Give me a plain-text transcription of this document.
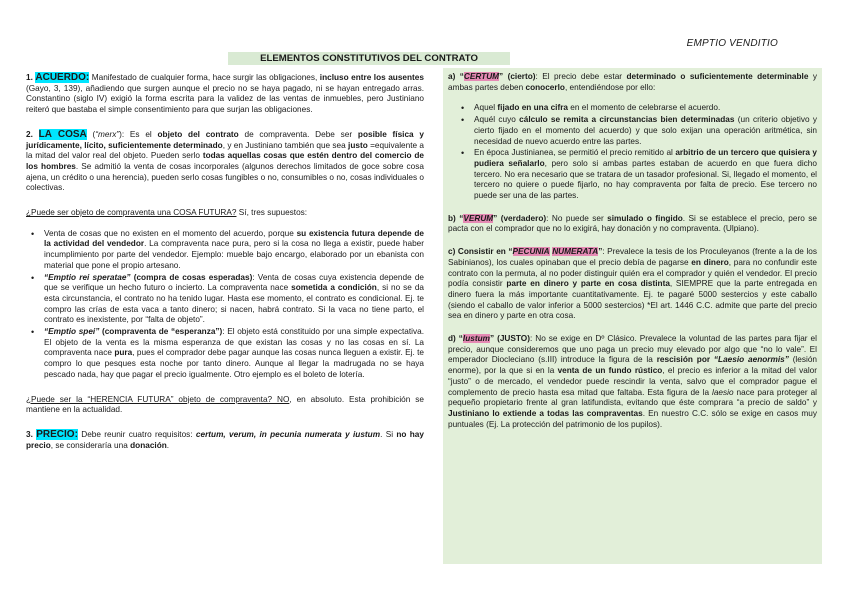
EMPTIO VENDITIO
ELEMENTOS CONSTITUTIVOS DEL CONTRATO

1. ACUERDO: Manifestado de cualquier forma, hace surgir las obligaciones, incluso entre los ausentes (Gayo, 3, 139), añadiendo que surgen aunque el precio no se haya pagado, ni se hayan entregado arras. Constantino (siglo IV) exigió la forma escrita para la validez de las ventas de inmuebles, pero Justiniano reiteró que bastaba el simple consentimiento para que surjan las obligaciones.

2. LA COSA (“merx”): Es el objeto del contrato de compraventa. Debe ser posible física y jurídicamente, lícito, suficientemente determinado, y en Justiniano también que sea justo =equivalente a la mitad del valor real del objeto. Pueden serlo todas aquellas cosas que estén dentro del comercio de los hombres. Se admitió la venta de cosas incorporales (algunos derechos limitados de goce sobre cosa ajena, un crédito o una herencia), pueden serlo cosas fungibles o no, consumibles o no, cosas individuales o colectivas.

¿Puede ser objeto de compraventa una COSA FUTURA? Sí, tres supuestos:

• Venta de cosas que no existen en el momento del acuerdo, porque su existencia futura depende de la actividad del vendedor. La compraventa nace pura, pero si la cosa no llega a existir, puede haber incumplimiento por parte del vendedor. Ejemplo: mueble bajo encargo, elaborado por un ebanista con material que pone el propio artesano.
• “Emptio rei speratae” (compra de cosas esperadas): Venta de cosas cuya existencia depende de que se verifique un hecho futuro o incierto. La compraventa nace sometida a condición, si no se da esta circunstancia, el contrato no ha tenido lugar. Hasta ese momento, el contrato es condicional. Ej. te compro las crías de esta vaca a tanto dinero; si nacen, habrá contrato. Si la vaca no tiene parto, el contrato es inexistente, por “falta de objeto”.
• “Emptio spei” (compraventa de “esperanza”): El objeto está constituido por una simple expectativa. El objeto de la venta es la misma esperanza de que existan las cosas y no las cosas en sí. La compraventa nace pura, pues el comprador debe pagar aunque las cosas nunca lleguen a existir. Ej. te compro lo que pesques esta noche por tanto dinero. Aunque al llegar la madrugada no se haya pescado nada, hay que pagar el precio igualmente. Otro ejemplo es el boleto de lotería.

¿Puede ser la “HERENCIA FUTURA” objeto de compraventa? NO, en absoluto. Esta prohibición se mantiene en la actualidad.

3. PRECIO: Debe reunir cuatro requisitos: certum, verum, in pecunia numerata y iustum. Si no hay precio, se consideraría una donación.

a) “CERTUM” (cierto): El precio debe estar determinado o suficientemente determinable y ambas partes deben conocerlo, entendiéndose por ello:

• Aquel fijado en una cifra en el momento de celebrarse el acuerdo.
• Aquél cuyo cálculo se remita a circunstancias bien determinadas (un criterio objetivo y cierto fijado en el momento del acuerdo) y que solo exijan una operación aritmética, sin necesidad de nuevo acuerdo entre las partes.
• En época Justinianea, se permitió el precio remitido al arbitrio de un tercero que quisiera y pudiera señalarlo, pero solo si ambas partes estaban de acuerdo en que fuera dicho tercero. No era necesario que se tratara de un tasador profesional. Si, llegado el momento, el tercero no quiere o puede fijarlo, no hay compraventa por falta de precio. Ese tercero no puede ser una de las partes.

b) “VERUM” (verdadero): No puede ser simulado o fingido. Si se establece el precio, pero se pacta con el comprador que no lo exigirá, hay donación y no compraventa. (Ulpiano).

c) Consistir en “PECUNIA NUMERATA”: Prevalece la tesis de los Proculeyanos (frente a la de los Sabinianos), los cuales opinaban que el precio debía de pagarse en dinero, para no confundir este contrato con la permuta, al no poder distinguir quién era el comprador y quién el vendedor. El precio podía consistir parte en dinero y parte en cosa distinta, SIEMPRE que la parte entregada en dinero fuera la más importante cuantitativamente. Ej. te pagaré 5000 sestercios y este caballo (siendo el caballo de valor inferior a 5000 sestercios) *El art. 1446 C.C. admite que parte del precio sea en dinero y parte en otra cosa.

d) “Iustum” (JUSTO): No se exige en Dº Clásico. Prevalece la voluntad de las partes para fijar el precio, aunque consideremos que uno paga un precio muy elevado por algo que “no lo vale”. El emperador Diocleciano (s.III) introduce la figura de la rescisión por “Laesio aenormis” (lesión enorme), por la que si en la venta de un fundo rústico, el precio es inferior a la mitad del valor “justo” o de mercado, el vendedor puede rescindir la venta, salvo que el comprador pague el complemento de precio hasta esa mitad que faltaba. Esta figura de la laesio nace para proteger al pequeño propietario frente al gran latifundista, evitando que éste comprara “a precio de saldo” y Justiniano lo extiende a todas las compraventas. En nuestro C.C. sólo se exige en casos muy puntuales (Ej. La protección del patrimonio de los pupilos).
